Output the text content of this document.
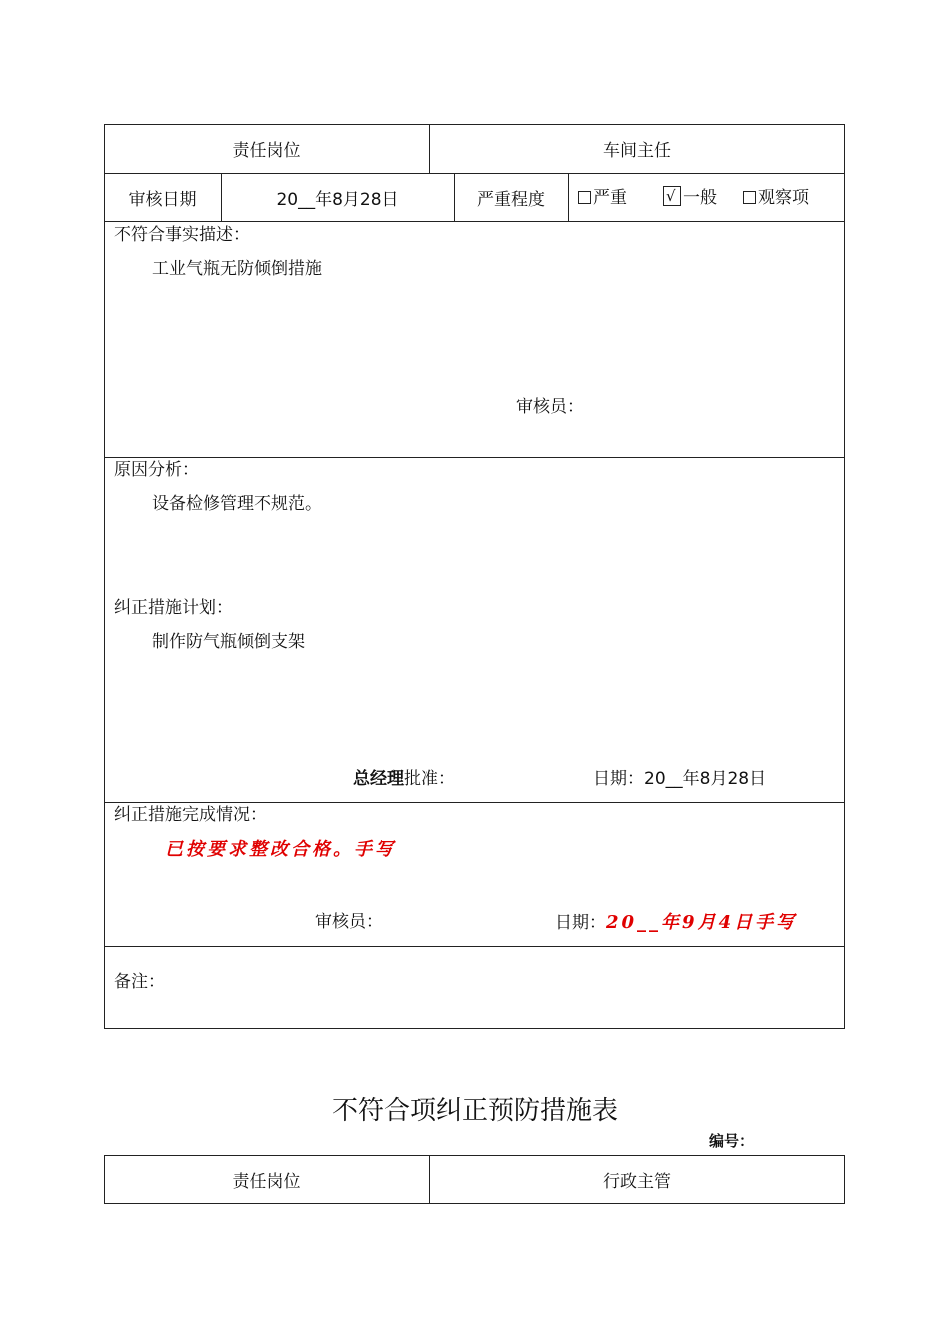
责任岗位	车间主任
审核日期	20__年8月28日	严重程度	严重
√	一般	观察项
不符合事实描述：
工业气瓶无防倾倒措施
审核员：
原因分析：
设备检修管理不规范。
纠正措施计划：
制作防气瓶倾倒支架
总经理批准：	日期：20__年8月28日
纠正措施完成情况：
已按要求整改合格。手写
审核员：	日期：20__年9月4日手写
备注：
不符合项纠正预防措施表
编号：
责任岗位	行政主管
